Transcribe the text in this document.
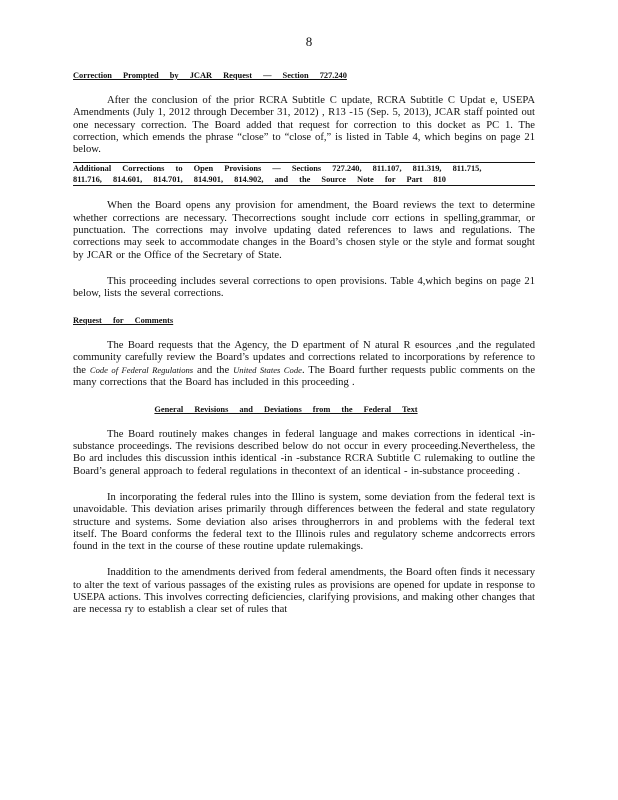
8
Correction Prompted by JCAR Request — Section 727.240

After the conclusion of the prior RCRA Subtitle C update, RCRA Subtitle C Updat e, USEPA Amendments (July 1, 2012 through December 31, 2012) , R13 -15 (Sep. 5, 2013), JCAR staff pointed out one necessary correction. The Board added that request for correction to this docket as PC 1. The correction, which emends the phrase “close” to “close of,” is listed in Table 4, which begins on page 21 below.

Additional Corrections to Open Provisions — Sections 727.240, 811.107, 811.319, 811.715,
811.716, 814.601, 814.701, 814.901, 814.902, and the Source Note for Part 810

When the Board opens any provision for amendment, the Board reviews the text to determine whether corrections are necessary. Thecorrections sought include corr ections in spelling,grammar, or punctuation. The corrections may involve updating dated references to laws and regulations. The corrections may seek to accommodate changes in the Board’s chosen style or the style and format sought by JCAR or the Office of the Secretary of State.

This proceeding includes several corrections to open provisions. Table 4,which begins on page 21 below, lists the several corrections.

Request for Comments

The Board requests that the Agency, the D epartment of N atural R esources ,and the regulated community carefully review the Board’s updates and corrections related to incorporations by reference to the Code of Federal Regulations and the United States Code. The Board further requests public comments on the many corrections that the Board has included in this proceeding .

General Revisions and Deviations from the Federal Text

The Board routinely makes changes in federal language and makes corrections in identical -in-substance proceedings. The revisions described below do not occur in every proceeding.Nevertheless, the Bo ard includes this discussion inthis identical -in -substance RCRA Subtitle C rulemaking to outline the Board’s general approach to federal regulations in thecontext of an identical - in-substance proceeding .

In incorporating the federal rules into the Illino is system, some deviation from the federal text is unavoidable. This deviation arises primarily through differences between the federal and state regulatory structure and systems. Some deviation also arises througherrors in and problems with the federal text itself. The Board conforms the federal text to the Illinois rules and regulatory scheme andcorrects errors found in the text in the course of these routine update rulemakings.

Inaddition to the amendments derived from federal amendments, the Board often finds it necessary to alter the text of various passages of the existing rules as provisions are opened for update in response to USEPA actions. This involves correcting deficiencies, clarifying provisions, and making other changes that are necessa ry to establish a clear set of rules that
